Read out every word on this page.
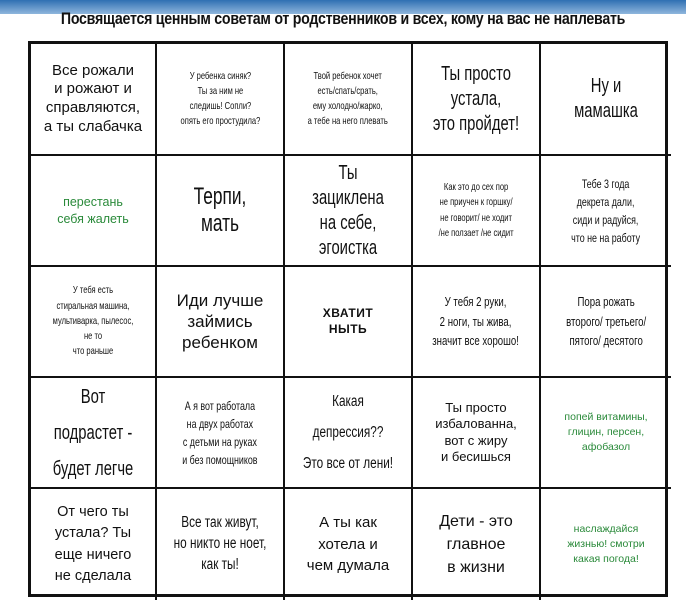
Посвящается ценным советам от родственников и всех, кому на вас не наплевать
Все рожали
и рожают и
справляются,
а ты слабачка
У ребенка синяк?
Ты за ним не
следишь! Сопли?
опять его простудила?
Твой ребенок хочет
есть/спать/срать,
ему холодно/жарко,
а тебе на него плевать
Ты просто устала,
это пройдет!
Ну и мамашка
перестань
себя жалеть
Терпи, мать
Ты зациклена
на себе,
эгоистка
Как это до сех пор
не приучен к горшку/
не говорит/ не ходит
/не ползает /не сидит
Тебе 3 года
декрета дали,
сиди и радуйся,
что не на работу
У тебя есть
стиральная машина,
мультиварка, пылесос, не то
что раньше
Иди лучше
займись
ребенком
ХВАТИТ
НЫТЬ
У тебя 2 руки,
2 ноги, ты жива,
значит все хорошо!
Пора рожать
второго/ третьего/
пятого/ десятого
Вот подрастет -
будет легче
А я вот работала
на двух работах
с детьми на руках
и без помощников
Какая депрессия??
Это все от лени!
Ты просто
избалованна,
вот с жиру
и бесишься
попей витамины,
глицин, персен,
афобазол
От чего ты
устала? Ты
еще ничего
не сделала
Все так живут,
но никто не ноет,
как ты!
А ты как
хотела и
чем думала
Дети - это
главное
в жизни
наслаждайся
жизнью! смотри
какая погода!
